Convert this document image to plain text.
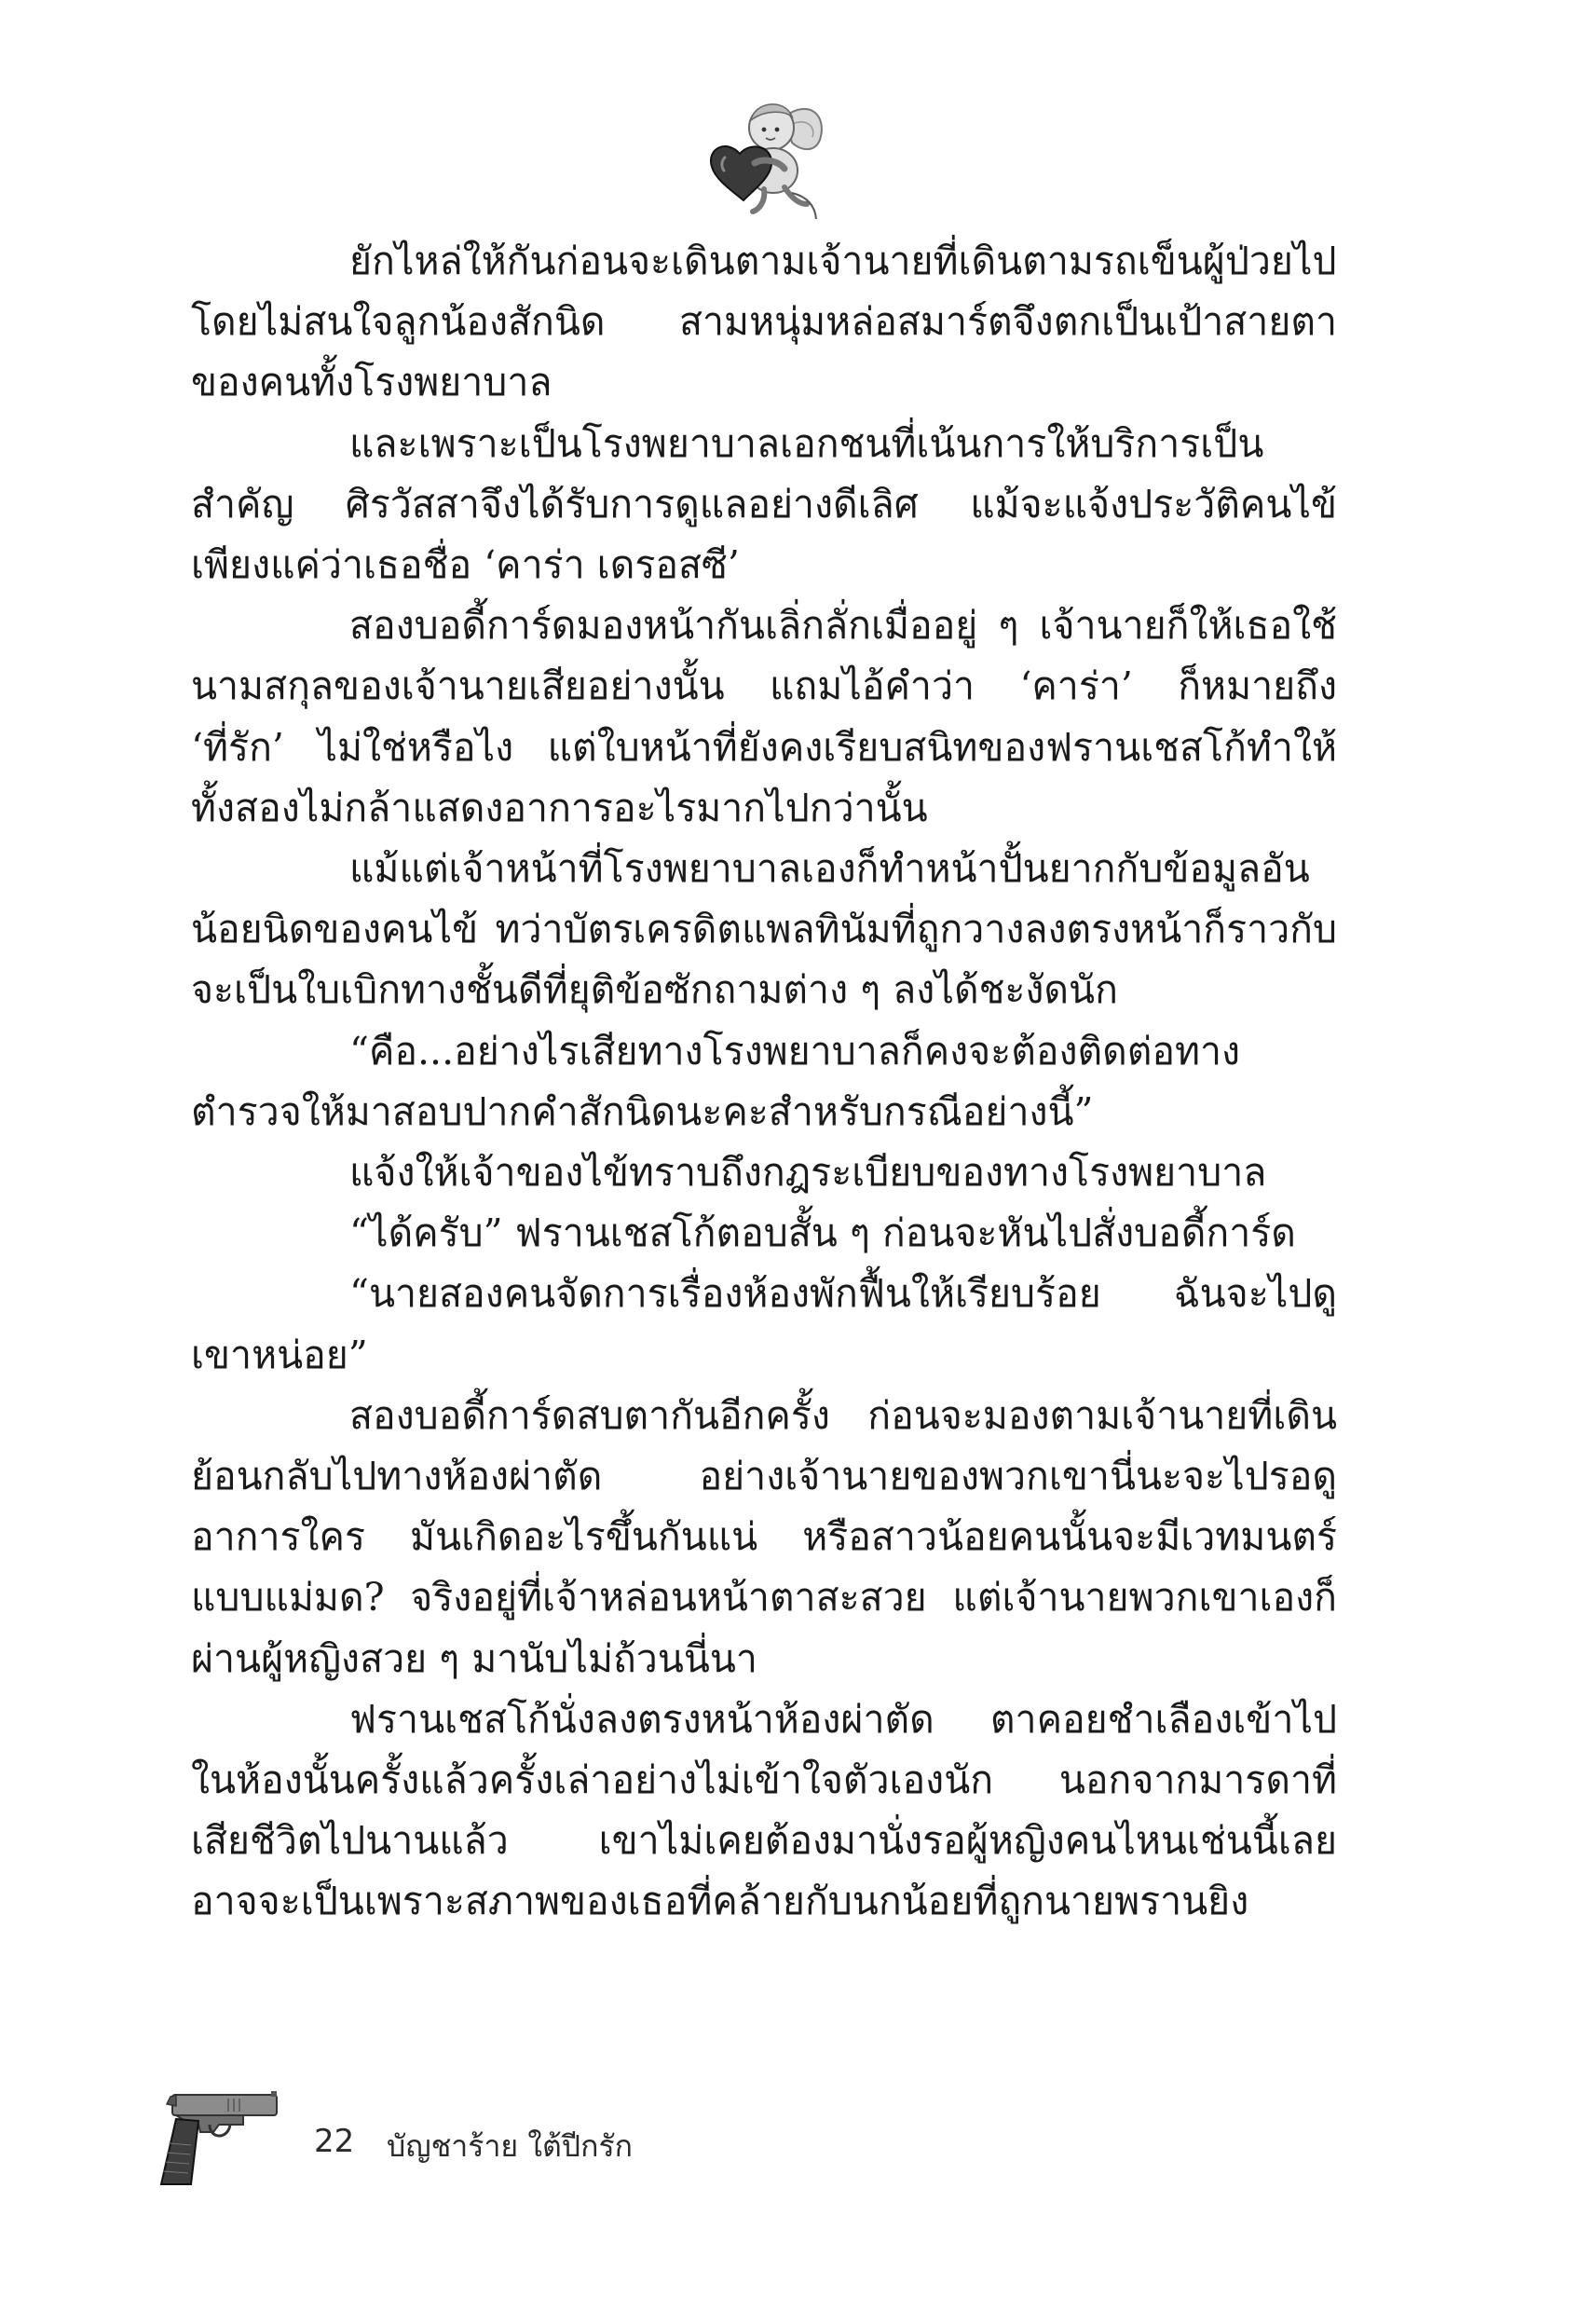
ยักไหล่ให้กันก่อนจะเดินตามเจ้านายที่เดินตามรถเข็นผู้ป่วยไปโดยไม่สนใจลูกน้องสักนิด สามหนุ่มหล่อสมาร์ตจึงตกเป็นเป้าสายตาของคนทั้งโรงพยาบาล

และเพราะเป็นโรงพยาบาลเอกชนที่เน้นการให้บริการเป็นสำคัญ ศิรวัสสาจึงได้รับการดูแลอย่างดีเลิศ แม้จะแจ้งประวัติคนไข้เพียงแค่ว่าเธอชื่อ ‘คาร่า เดรอสซี’

สองบอดี้การ์ดมองหน้ากันเลิ่กลั่กเมื่ออยู่ ๆ เจ้านายก็ให้เธอใช้นามสกุลของเจ้านายเสียอย่างนั้น แถมไอ้คำว่า ‘คาร่า’ ก็หมายถึง ‘ที่รัก’ ไม่ใช่หรือไง แต่ใบหน้าที่ยังคงเรียบสนิทของฟรานเชสโก้ทำให้ทั้งสองไม่กล้าแสดงอาการอะไรมากไปกว่านั้น

แม้แต่เจ้าหน้าที่โรงพยาบาลเองก็ทำหน้าปั้นยากกับข้อมูลอันน้อยนิดของคนไข้ ทว่าบัตรเครดิตแพลทินัมที่ถูกวางลงตรงหน้าก็ราวกับจะเป็นใบเบิกทางชั้นดีที่ยุติข้อซักถามต่าง ๆ ลงได้ชะงัดนัก

“คือ...อย่างไรเสียทางโรงพยาบาลก็คงจะต้องติดต่อทางตำรวจให้มาสอบปากคำสักนิดนะคะสำหรับกรณีอย่างนี้”

แจ้งให้เจ้าของไข้ทราบถึงกฎระเบียบของทางโรงพยาบาล

“ได้ครับ” ฟรานเชสโก้ตอบสั้น ๆ ก่อนจะหันไปสั่งบอดี้การ์ด

“นายสองคนจัดการเรื่องห้องพักฟื้นให้เรียบร้อย ฉันจะไปดูเขาหน่อย”

สองบอดี้การ์ดสบตากันอีกครั้ง ก่อนจะมองตามเจ้านายที่เดินย้อนกลับไปทางห้องผ่าตัด อย่างเจ้านายของพวกเขานี่นะจะไปรอดูอาการใคร มันเกิดอะไรขึ้นกันแน่ หรือสาวน้อยคนนั้นจะมีเวทมนตร์แบบแม่มด? จริงอยู่ที่เจ้าหล่อนหน้าตาสะสวย แต่เจ้านายพวกเขาเองก็ผ่านผู้หญิงสวย ๆ มานับไม่ถ้วนนี่นา

ฟรานเชสโก้นั่งลงตรงหน้าห้องผ่าตัด ตาคอยชำเลืองเข้าไปในห้องนั้นครั้งแล้วครั้งเล่าอย่างไม่เข้าใจตัวเองนัก นอกจากมารดาที่เสียชีวิตไปนานแล้ว เขาไม่เคยต้องมานั่งรอผู้หญิงคนไหนเช่นนี้เลย อาจจะเป็นเพราะสภาพของเธอที่คล้ายกับนกน้อยที่ถูกนายพรานยิง

22 บัญชาร้าย ใต้ปีกรัก
